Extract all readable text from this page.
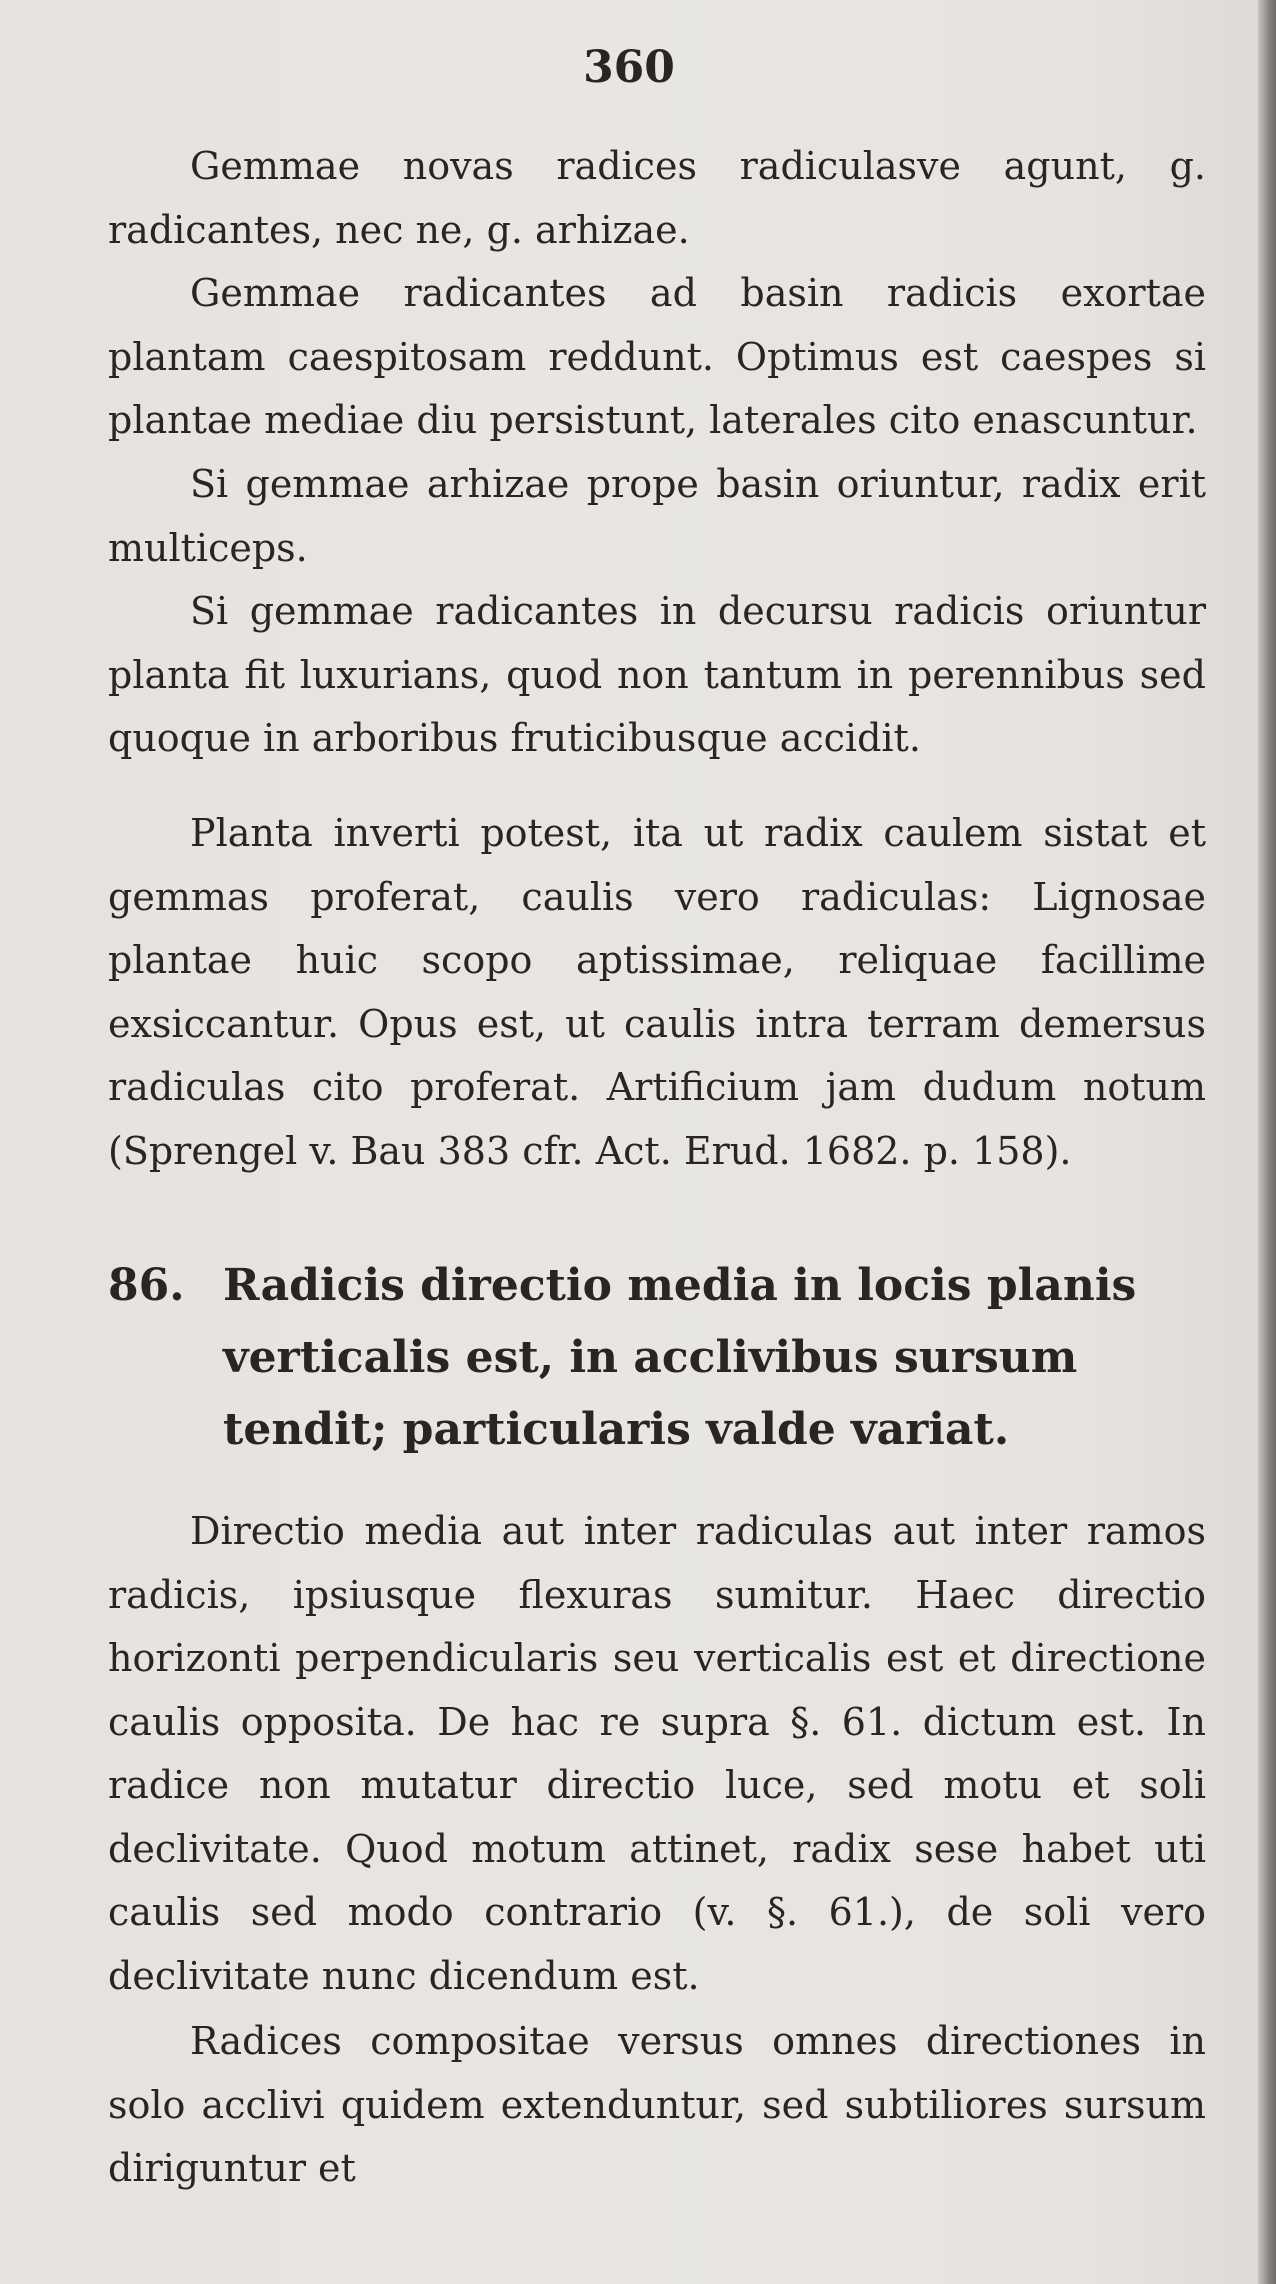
360

Gemmae novas radices radiculasve agunt, g. radicantes, nec ne, g. arhizae.

Gemmae radicantes ad basin radicis exortae plantam caespitosam reddunt. Optimus est caespes si plantae mediae diu persistunt, laterales cito enascuntur.

Si gemmae arhizae prope basin oriuntur, radix erit multiceps.

Si gemmae radicantes in decursu radicis oriuntur planta fit luxurians, quod non tantum in perennibus sed quoque in arboribus fruticibusque accidit.

Planta inverti potest, ita ut radix caulem sistat et gemmas proferat, caulis vero radiculas: Lignosae plantae huic scopo aptissimae, reliquae facillime exsiccantur. Opus est, ut caulis intra terram demersus radiculas cito proferat. Artificium jam dudum notum (Sprengel v. Bau 383 cfr. Act. Erud. 1682. p. 158).

86. Radicis directio media in locis planis verticalis est, in acclivibus sursum tendit; particularis valde variat.

Directio media aut inter radiculas aut inter ramos radicis, ipsiusque flexuras sumitur. Haec directio horizonti perpendicularis seu verticalis est et directione caulis opposita. De hac re supra §. 61. dictum est. In radice non mutatur directio luce, sed motu et soli declivitate. Quod motum attinet, radix sese habet uti caulis sed modo contrario (v. §. 61.), de soli vero declivitate nunc dicendum est.

Radices compositae versus omnes directiones in solo acclivi quidem extenduntur, sed subtiliores sursum diriguntur et
